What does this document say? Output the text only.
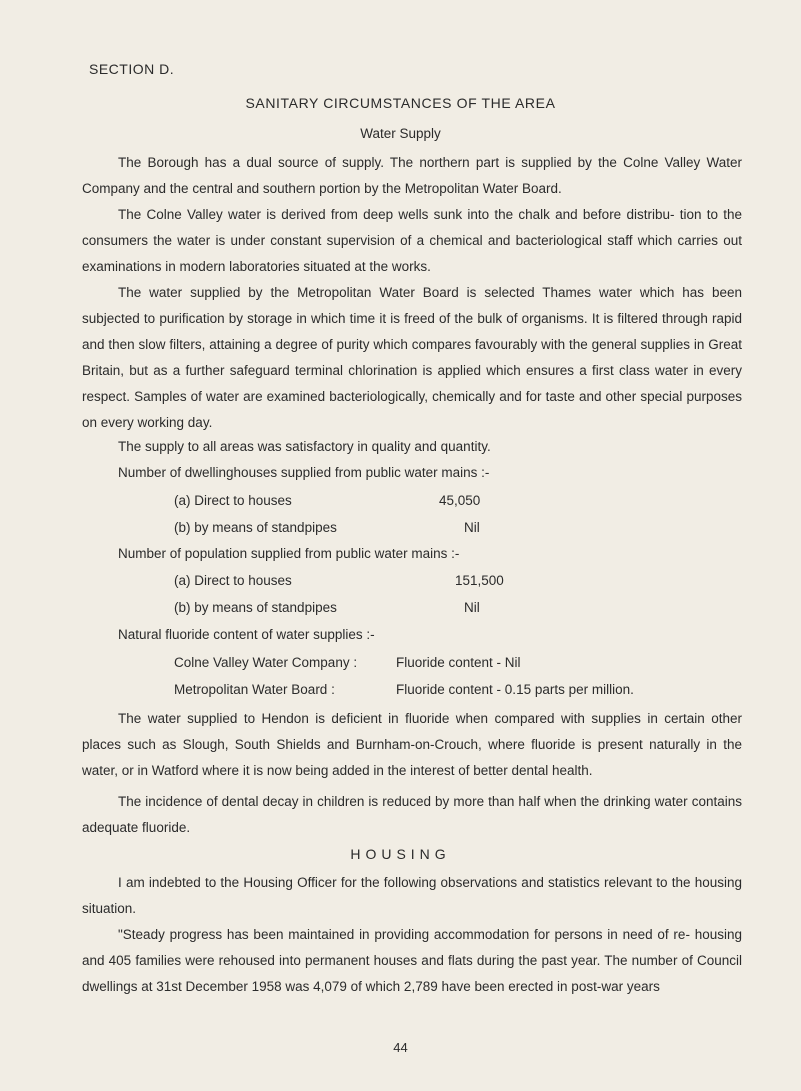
SECTION D.
SANITARY CIRCUMSTANCES OF THE AREA
Water Supply
The Borough has a dual source of supply. The northern part is supplied by the Colne Valley Water Company and the central and southern portion by the Metropolitan Water Board.
The Colne Valley water is derived from deep wells sunk into the chalk and before distribu- tion to the consumers the water is under constant supervision of a chemical and bacteriological staff which carries out examinations in modern laboratories situated at the works.
The water supplied by the Metropolitan Water Board is selected Thames water which has been subjected to purification by storage in which time it is freed of the bulk of organisms. It is filtered through rapid and then slow filters, attaining a degree of purity which compares favourably with the general supplies in Great Britain, but as a further safeguard terminal chlorination is applied which ensures a first class water in every respect. Samples of water are examined bacteriologically, chemically and for taste and other special purposes on every working day.
The supply to all areas was satisfactory in quality and quantity.
Number of dwellinghouses supplied from public water mains :-
(a) Direct to houses	45,050
(b) by means of standpipes	Nil
Number of population supplied from public water mains :-
(a) Direct to houses	151,500
(b) by means of standpipes	Nil
Natural fluoride content of water supplies :-
Colne Valley Water Company :	Fluoride content - Nil
Metropolitan Water Board :	Fluoride content - 0.15 parts per million.
The water supplied to Hendon is deficient in fluoride when compared with supplies in certain other places such as Slough, South Shields and Burnham-on-Crouch, where fluoride is present naturally in the water, or in Watford where it is now being added in the interest of better dental health.
The incidence of dental decay in children is reduced by more than half when the drinking water contains adequate fluoride.
HOUSING
I am indebted to the Housing Officer for the following observations and statistics relevant to the housing situation.
"Steady progress has been maintained in providing accommodation for persons in need of re- housing and 405 families were rehoused into permanent houses and flats during the past year. The number of Council dwellings at 31st December 1958 was 4,079 of which 2,789 have been erected in post-war years
44
